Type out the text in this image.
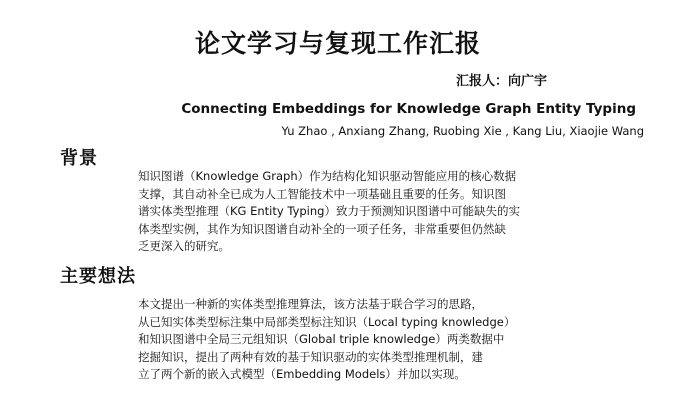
论文学习与复现工作汇报
汇报人：向广宇
Connecting Embeddings for Knowledge Graph Entity Typing
Yu Zhao , Anxiang Zhang, Ruobing Xie , Kang Liu, Xiaojie Wang
背景

知识图谱（Knowledge Graph）作为结构化知识驱动智能应用的核心数据
支撑，其自动补全已成为人工智能技术中一项基础且重要的任务。知识图
谱实体类型推理（KG Entity Typing）致力于预测知识图谱中可能缺失的实
体类型实例，其作为知识图谱自动补全的一项子任务，非常重要但仍然缺
乏更深入的研究。

主要想法

本文提出一种新的实体类型推理算法，该方法基于联合学习的思路，
从已知实体类型标注集中局部类型标注知识（Local typing knowledge）
和知识图谱中全局三元组知识（Global triple knowledge）两类数据中
挖掘知识，提出了两种有效的基于知识驱动的实体类型推理机制，建
立了两个新的嵌入式模型（Embedding Models）并加以实现。
